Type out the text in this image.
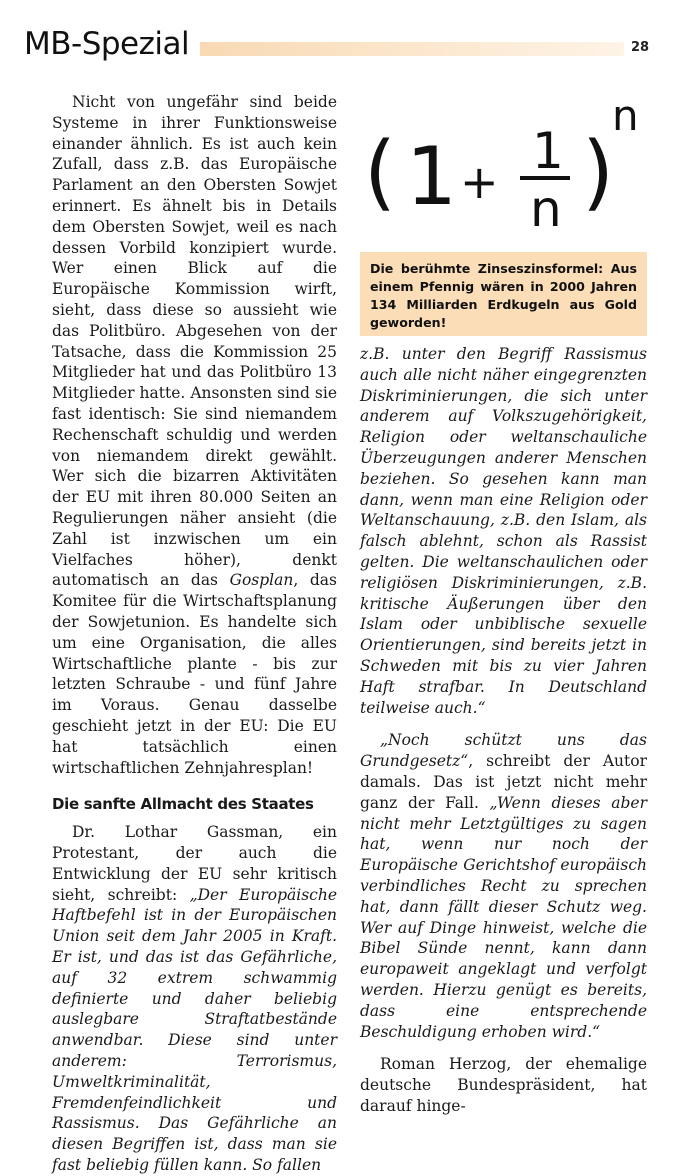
MB-Spezial	28

Nicht von ungefähr sind beide Systeme in ihrer Funktionsweise einander ähnlich. Es ist auch kein Zufall, dass z.B. das Europäische Parlament an den Obersten Sowjet erinnert. Es ähnelt bis in Details dem Obersten Sowjet, weil es nach dessen Vorbild konzipiert wurde. Wer einen Blick auf die Europäische Kommission wirft, sieht, dass diese so aussieht wie das Politbüro. Abgesehen von der Tatsache, dass die Kommission 25 Mitglieder hat und das Politbüro 13 Mitglieder hatte. Ansonsten sind sie fast identisch: Sie sind niemandem Rechenschaft schuldig und werden von niemandem direkt gewählt. Wer sich die bizarren Aktivitäten der EU mit ihren 80.000 Seiten an Regulierungen näher ansieht (die Zahl ist inzwischen um ein Vielfaches höher), denkt automatisch an das Gosplan, das Komitee für die Wirtschaftsplanung der Sowjetunion. Es handelte sich um eine Organisation, die alles Wirtschaftliche plante - bis zur letzten Schraube - und fünf Jahre im Voraus. Genau dasselbe geschieht jetzt in der EU: Die EU hat tatsächlich einen wirtschaftlichen Zehnjahresplan!

Die sanfte Allmacht des Staates

Dr. Lothar Gassman, ein Protestant, der auch die Entwicklung der EU sehr kritisch sieht, schreibt: „Der Europäische Haftbefehl ist in der Europäischen Union seit dem Jahr 2005 in Kraft. Er ist, und das ist das Gefährliche, auf 32 extrem schwammig definierte und daher beliebig auslegbare Straftatbestände anwendbar. Diese sind unter anderem: Terrorismus, Umweltkriminalität, Fremdenfeindlichkeit und Rassismus. Das Gefährliche an diesen Begriffen ist, dass man sie fast beliebig füllen kann. So fallen

( 1 +
1
n )
n

Die berühmte Zinseszinsformel: Aus einem Pfennig wären in 2000 Jahren 134 Milliarden Erdkugeln aus Gold geworden!

z.B. unter den Begriff Rassismus auch alle nicht näher eingegrenzten Diskriminierungen, die sich unter anderem auf Volkszugehörigkeit, Religion oder weltanschauliche Überzeugungen anderer Menschen beziehen. So gesehen kann man dann, wenn man eine Religion oder Weltanschauung, z.B. den Islam, als falsch ablehnt, schon als Rassist gelten. Die weltanschaulichen oder religiösen Diskriminierungen, z.B. kritische Äußerungen über den Islam oder unbiblische sexuelle Orientierungen, sind bereits jetzt in Schweden mit bis zu vier Jahren Haft strafbar. In Deutschland teilweise auch.“

„Noch schützt uns das Grundgesetz“, schreibt der Autor damals. Das ist jetzt nicht mehr ganz der Fall. „Wenn dieses aber nicht mehr Letztgültiges zu sagen hat, wenn nur noch der Europäische Gerichtshof europäisch verbindliches Recht zu sprechen hat, dann fällt dieser Schutz weg. Wer auf Dinge hinweist, welche die Bibel Sünde nennt, kann dann europaweit angeklagt und verfolgt werden. Hierzu genügt es bereits, dass eine entsprechende Beschuldigung erhoben wird.“

Roman Herzog, der ehemalige deutsche Bundespräsident, hat darauf hinge-
